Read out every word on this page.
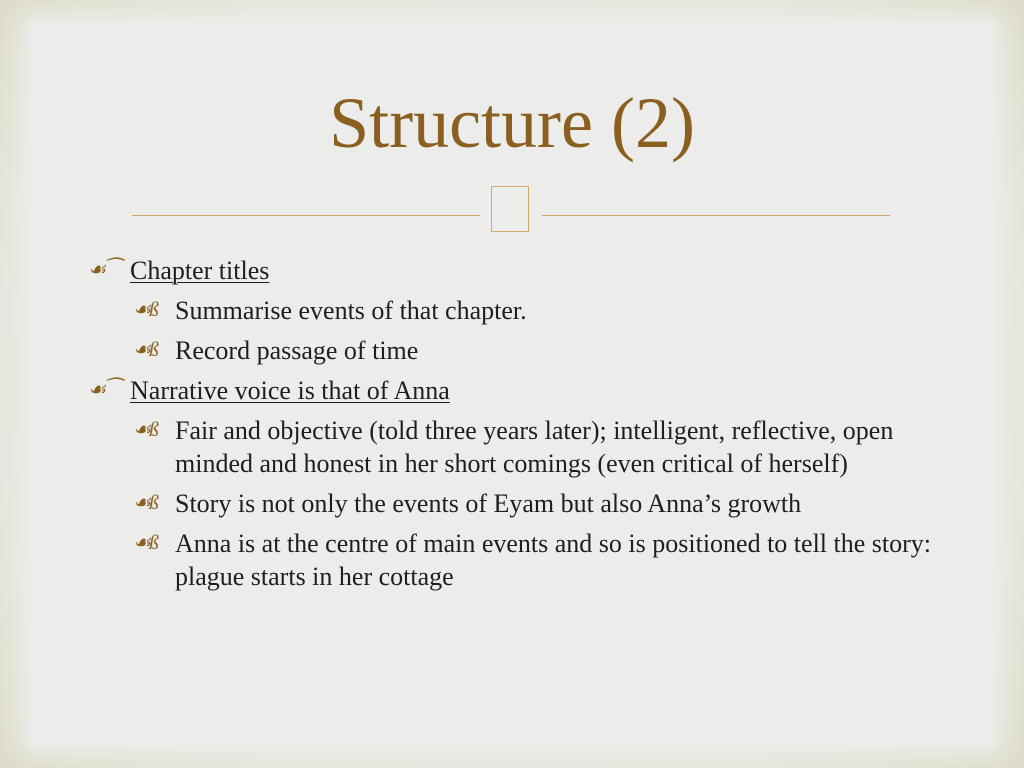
Structure (2)
☙⁀ Chapter titles
☙ß Summarise events of that chapter.
☙ß Record passage of time
☙⁀ Narrative voice is that of Anna
☙ß Fair and objective (told three years later); intelligent, reflective, open minded and honest in her short comings (even critical of herself)
☙ß Story is not only the events of Eyam but also Anna’s growth
☙ß Anna is at the centre of main events and so is positioned to tell the story: plague starts in her cottage
